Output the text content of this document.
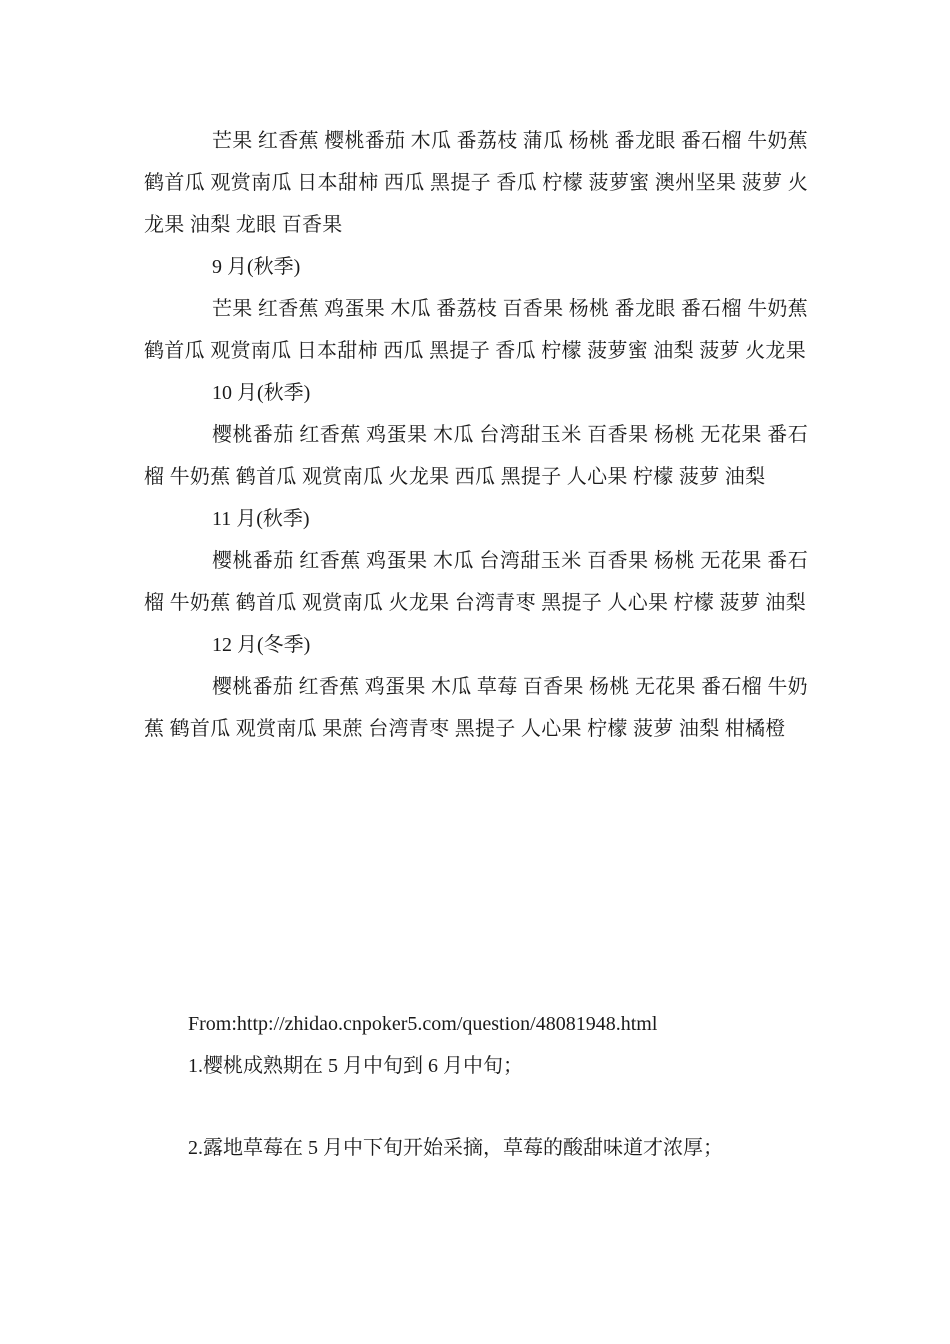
芒果 红香蕉 樱桃番茄 木瓜 番荔枝 蒲瓜 杨桃 番龙眼 番石榴 牛奶蕉 鹤首瓜 观赏南瓜 日本甜柿 西瓜 黑提子 香瓜 柠檬 菠萝蜜 澳州坚果 菠萝 火龙果 油梨 龙眼 百香果

9 月(秋季)

芒果 红香蕉 鸡蛋果 木瓜 番荔枝 百香果 杨桃 番龙眼 番石榴 牛奶蕉 鹤首瓜 观赏南瓜 日本甜柿 西瓜 黑提子 香瓜 柠檬 菠萝蜜 油梨 菠萝 火龙果

10 月(秋季)

樱桃番茄 红香蕉 鸡蛋果 木瓜 台湾甜玉米 百香果 杨桃 无花果 番石榴 牛奶蕉 鹤首瓜 观赏南瓜 火龙果 西瓜 黑提子 人心果 柠檬 菠萝 油梨

11 月(秋季)

樱桃番茄 红香蕉 鸡蛋果 木瓜 台湾甜玉米 百香果 杨桃 无花果 番石榴 牛奶蕉 鹤首瓜 观赏南瓜 火龙果 台湾青枣 黑提子 人心果 柠檬 菠萝 油梨

12 月(冬季)

樱桃番茄 红香蕉 鸡蛋果 木瓜 草莓 百香果 杨桃 无花果 番石榴 牛奶蕉 鹤首瓜 观赏南瓜 果蔗 台湾青枣 黑提子 人心果 柠檬 菠萝 油梨 柑橘橙

From:http://zhidao.cnpoker5.com/question/48081948.html

1.樱桃成熟期在 5 月中旬到 6 月中旬；

2.露地草莓在 5 月中下旬开始采摘，草莓的酸甜味道才浓厚；
